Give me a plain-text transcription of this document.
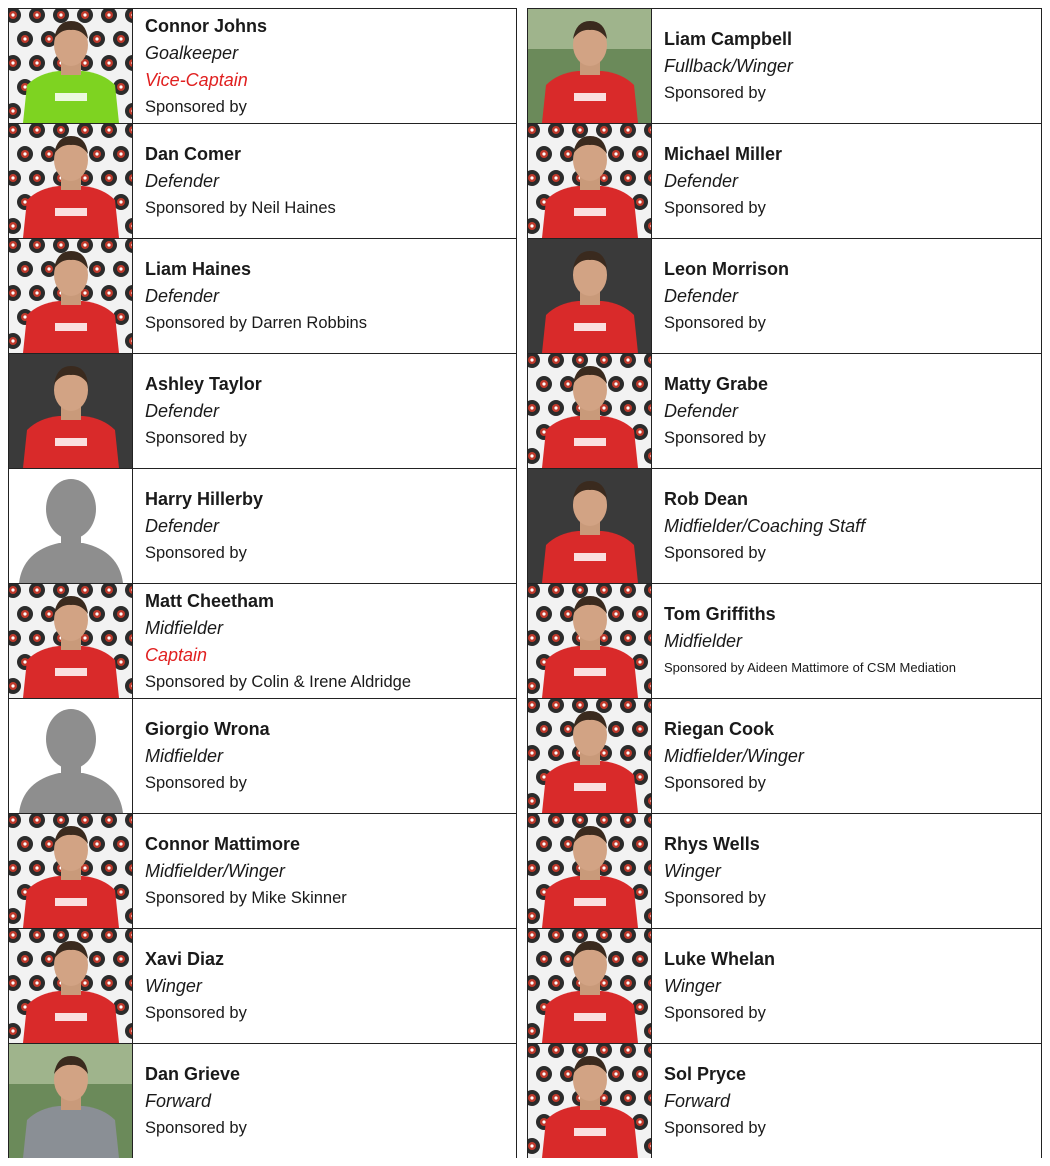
Connor Johns
Goalkeeper
Vice-Captain
Sponsored by
Liam Campbell
Fullback/Winger
Sponsored by
Dan Comer
Defender
Sponsored by Neil Haines
Michael Miller
Defender
Sponsored by
Liam Haines
Defender
Sponsored by Darren Robbins
Leon Morrison
Defender
Sponsored by
Ashley Taylor
Defender
Sponsored by
Matty Grabe
Defender
Sponsored by
Harry Hillerby
Defender
Sponsored by
Rob Dean
Midfielder/Coaching Staff
Sponsored by
Matt Cheetham
Midfielder
Captain
Sponsored by Colin & Irene Aldridge
Tom Griffiths
Midfielder
Sponsored by Aideen Mattimore of CSM Mediation
Giorgio Wrona
Midfielder
Sponsored by
Riegan Cook
Midfielder/Winger
Sponsored by
Connor Mattimore
Midfielder/Winger
Sponsored by Mike Skinner
Rhys Wells
Winger
Sponsored by
Xavi Diaz
Winger
Sponsored by
Luke Whelan
Winger
Sponsored by
Dan Grieve
Forward
Sponsored by
Sol Pryce
Forward
Sponsored by
